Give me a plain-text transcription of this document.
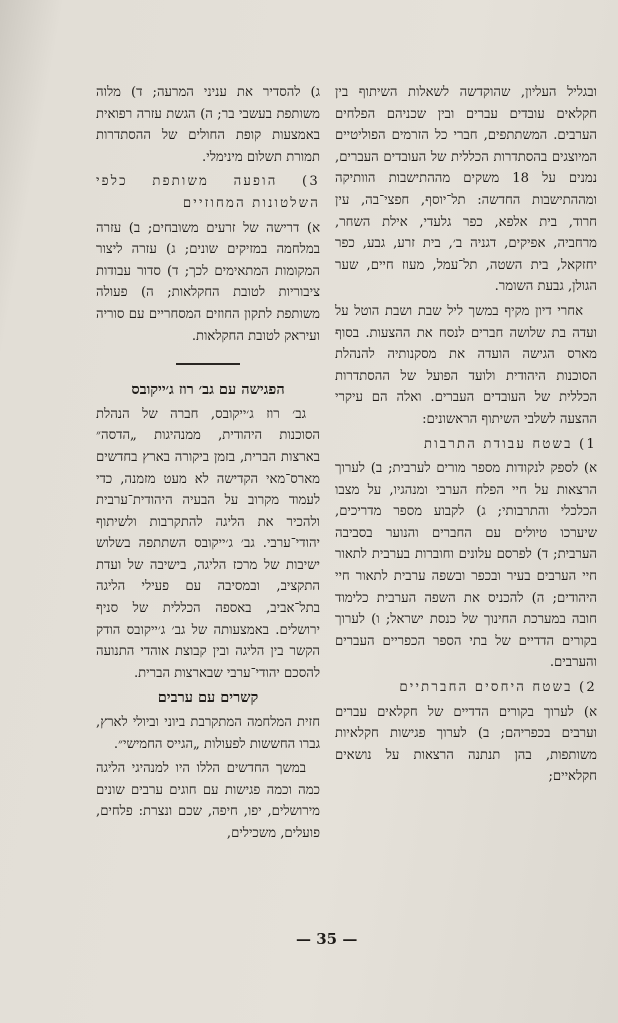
ובגליל העליון, שהוקדשה לשאלות השיתוף בין חקלאים עובדים עברים ובין שכניהם הפלחים הערבים. המשתתפים, חברי כל הזרמים הפוליטיים המיוצגים בהסתדרות הכללית של העובדים העברים, נמנים על 18 משקים מההתישבות הוותיקה ומההתישבות החדשה: תל־יוסף, חפצי־בה, עין חרוד, בית אלפא, כפר גלעדי, אילת השחר, מרחביה, אפיקים, דגניה ב׳, בית זרע, גבע, כפר יחזקאל, בית השטה, תל־עמל, מעוז חיים, שער הגולן, גבעת השומר.

אחרי דיון מקיף במשך ליל שבת ושבת הוטל על ועדה בת שלושה חברים לנסח את ההצעות. בסוף מארס הגישה הועדה את מסקנותיה להנהלת הסוכנות היהודית ולועד הפועל של ההסתדרות הכללית של העובדים העברים. ואלה הם עיקרי ההצעה לשלבי השיתוף הראשונים:

1) בשטח עבודת התרבות

א) לספק לנקודות מספר מורים לערבית; ב) לערוך הרצאות על חיי הפלח הערבי ומנהגיו, על מצבו הכלכלי והתרבותי; ג) לקבוע מספר מדריכים, שיערכו טיולים עם החברים והנוער בסביבה הערבית; ד) לפרסם עלונים וחוברות בערבית לתאור חיי הערבים בעיר ובכפר ובשפה ערבית לתאור חיי היהודים; ה) להכניס את השפה הערבית כלימוד חובה במערכת החינוך של כנסת ישראל; ו) לערוך בקורים הדדיים של בתי הספר הכפריים העברים והערבים.

2) בשטח היחסים החברתיים

א) לערוך בקורים הדדיים של חקלאים עברים וערבים בכפריהם; ב) לערוך פגישות חקלאיות משותפות, בהן תנתנה הרצאות על נושאים חקלאיים;

ג) להסדיר את עניני המרעה; ד) מלוה משותפת בעשבי בר; ה) הגשת עזרה רפואית באמצעות קופת החולים של ההסתדרות תמורת תשלום מינימלי.

3) הופעה משותפת כלפי השלטונות המחוזיים

א) דרישה של זרעים משובחים; ב) עזרה במלחמה במזיקים שונים; ג) עזרה ליצור המקומות המתאימים לכך; ד) סדור עבודות ציבוריות לטובת החקלאות; ה) פעולה משותפת לתקון החוזים המסחריים עם סוריה ועיראק לטובת החקלאות.

הפגישה עם גב׳ רוז ג׳ייקובס

גב׳ רוז ג׳ייקובס, חברה של הנהלת הסוכנות היהודית, ממנהיגות „הדסה״ בארצות הברית, בזמן ביקורה בארץ בחדשים מארס־מאי הקדישה לא מעט מזמנה, כדי לעמוד מקרוב על הבעיה היהודית־ערבית ולהכיר את הליגה להתקרבות ולשיתוף יהודי־ערבי. גב׳ ג׳ייקובס השתתפה בשלוש ישיבות של מרכז הליגה, בישיבה של ועדת התקציב, ובמסיבה עם פעילי הליגה בתל־אביב, באספה הכללית של סניף ירושלים. באמצעותה של גב׳ ג׳ייקובס הודק הקשר בין הליגה ובין קבוצת אוהדי התנועה להסכם יהודי־ערבי שבארצות הברית.

קשרים עם ערבים

חזית המלחמה המתקרבת ביוני וביולי לארץ, גברו החששות לפעולות „הגייס החמישי״.

במשך החדשים הללו היו למנהיגי הליגה כמה וכמה פגישות עם חוגים ערבים שונים מירושלים, יפו, חיפה, שכם ונצרת: פלחים, פועלים, משכילים,

— 35 —
